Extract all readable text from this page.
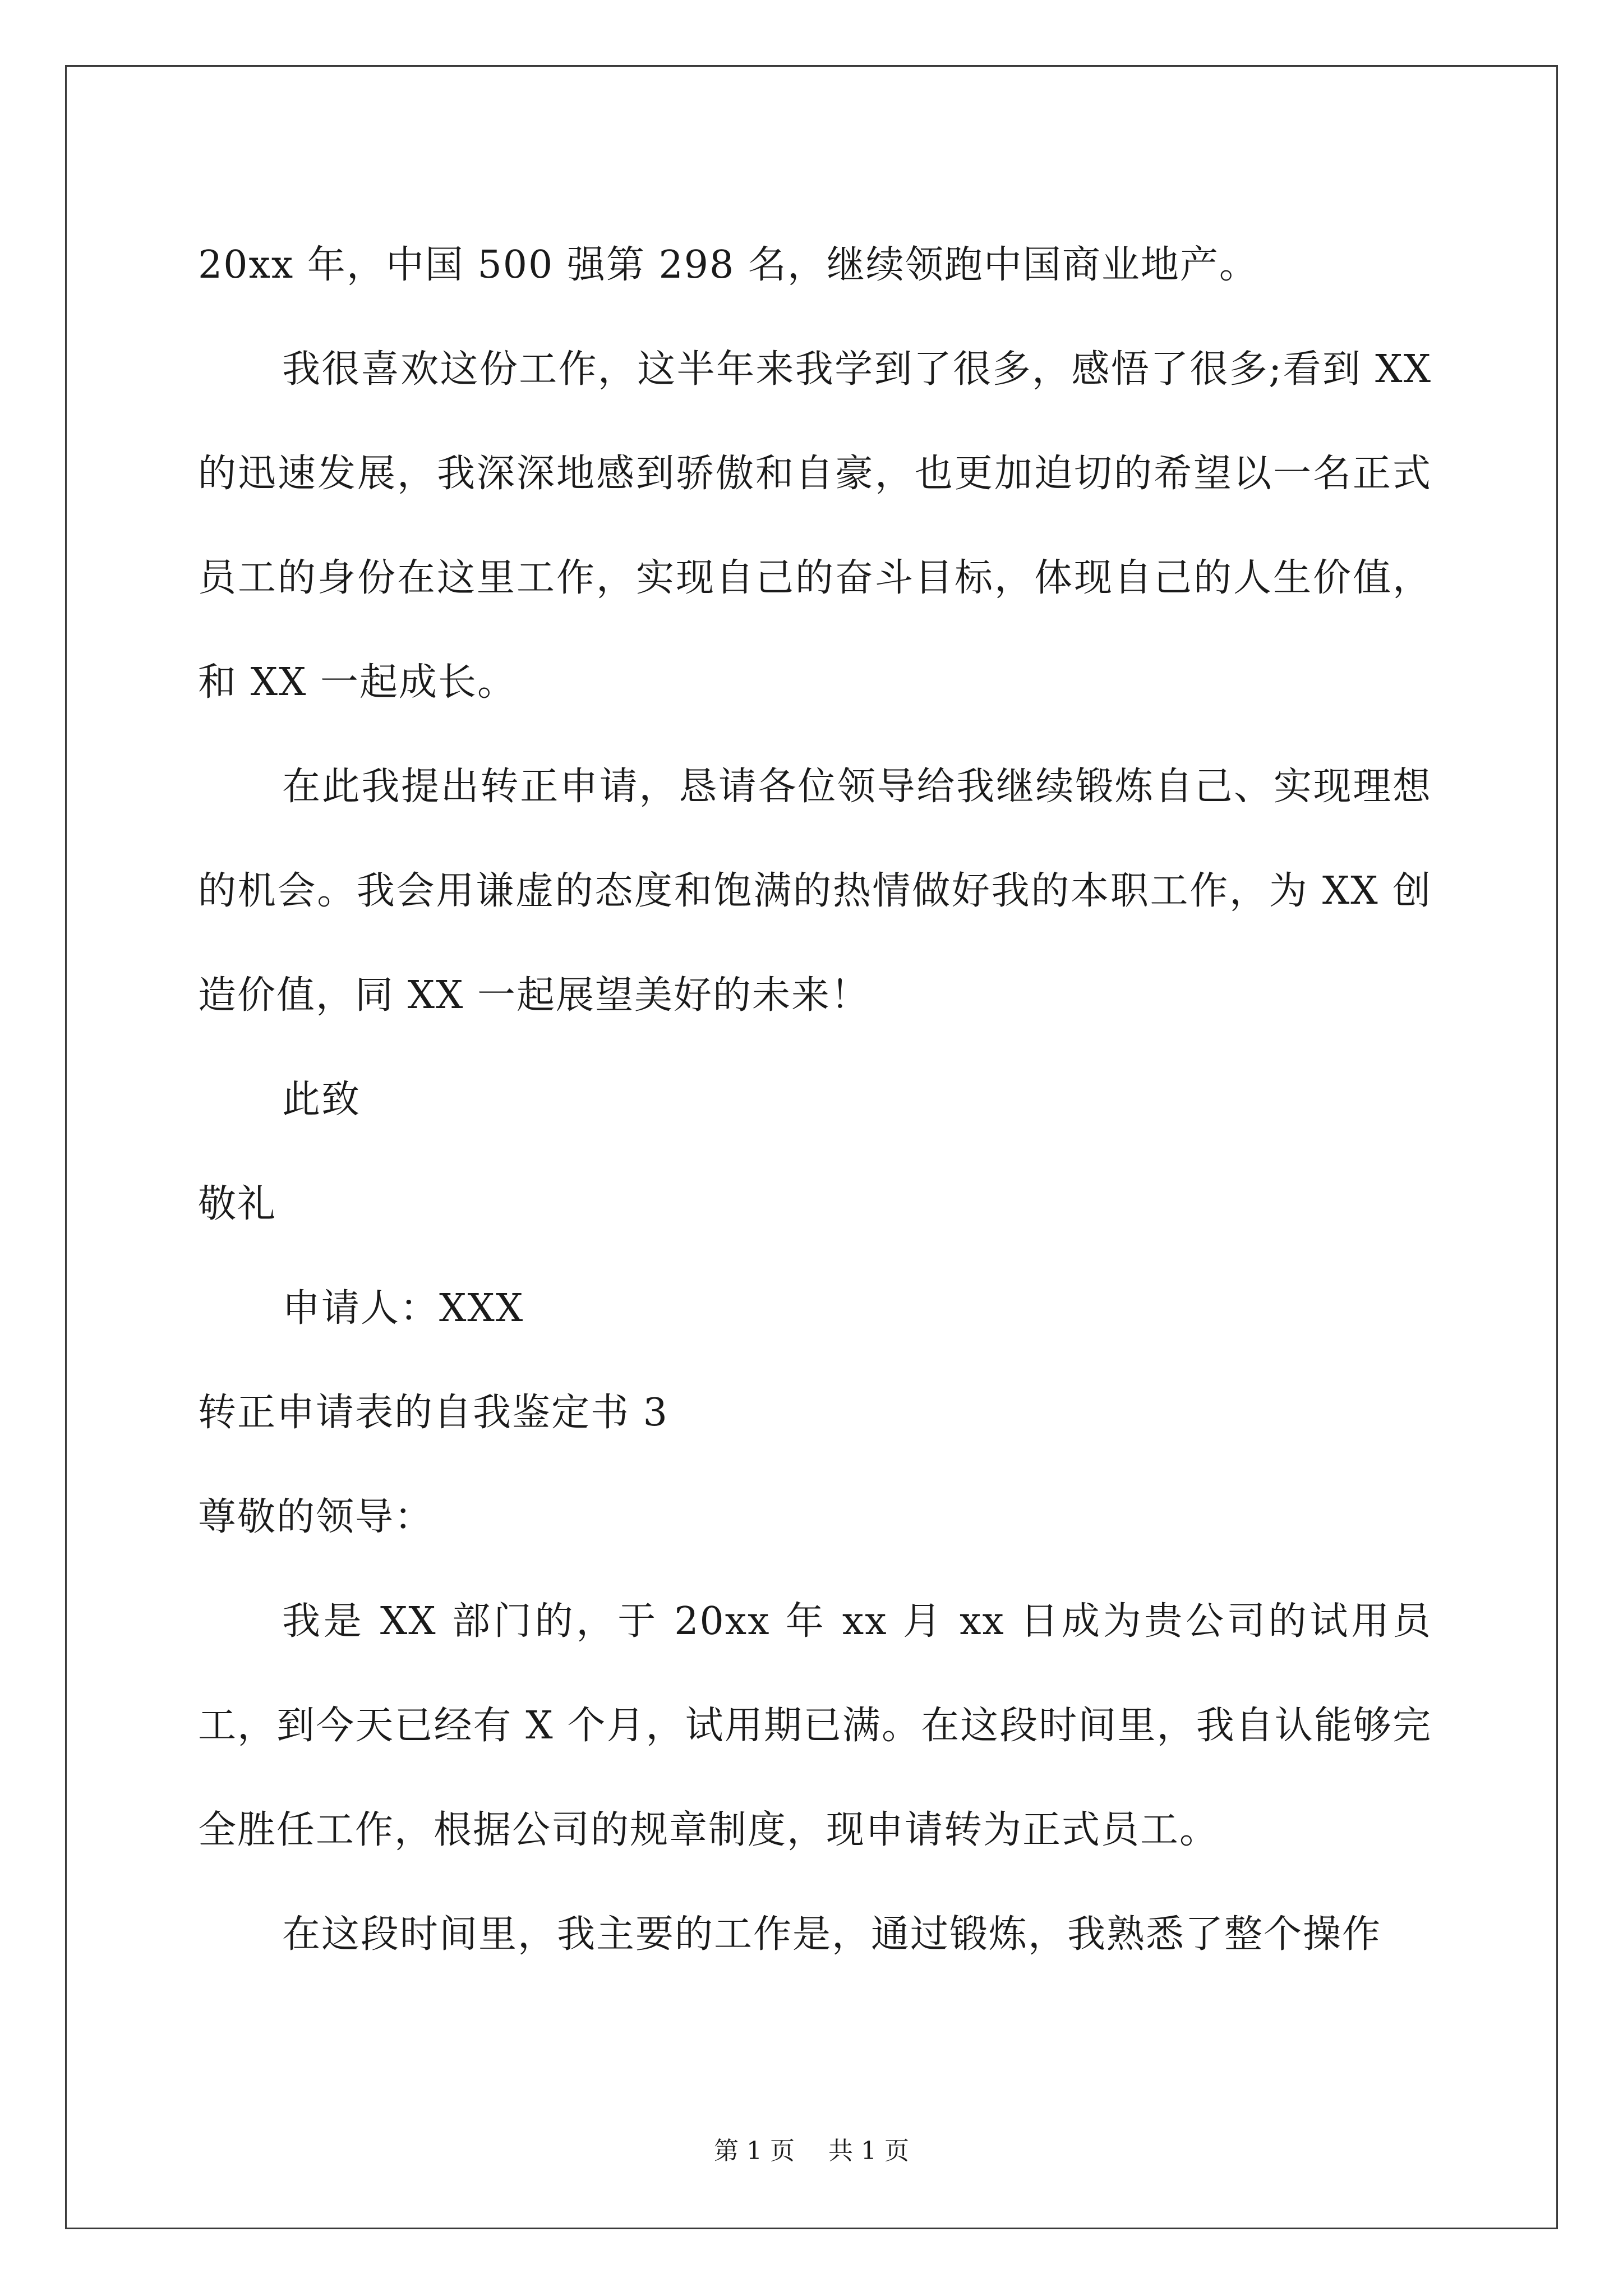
20xx 年，中国 500 强第 298 名，继续领跑中国商业地产。

我很喜欢这份工作，这半年来我学到了很多，感悟了很多;看到 XX 的迅速发展，我深深地感到骄傲和自豪，也更加迫切的希望以一名正式员工的身份在这里工作，实现自己的奋斗目标，体现自己的人生价值，和 XX 一起成长。

在此我提出转正申请，恳请各位领导给我继续锻炼自己、实现理想的机会。我会用谦虚的态度和饱满的热情做好我的本职工作，为 XX 创造价值，同 XX 一起展望美好的未来！

此致

敬礼

申请人：XXX

转正申请表的自我鉴定书 3

尊敬的领导：

我是 XX 部门的，于 20xx 年 xx 月 xx 日成为贵公司的试用员工，到今天已经有 X 个月，试用期已满。在这段时间里，我自认能够完全胜任工作，根据公司的规章制度，现申请转为正式员工。

在这段时间里，我主要的工作是，通过锻炼，我熟悉了整个操作

第 1 页 共 1 页
